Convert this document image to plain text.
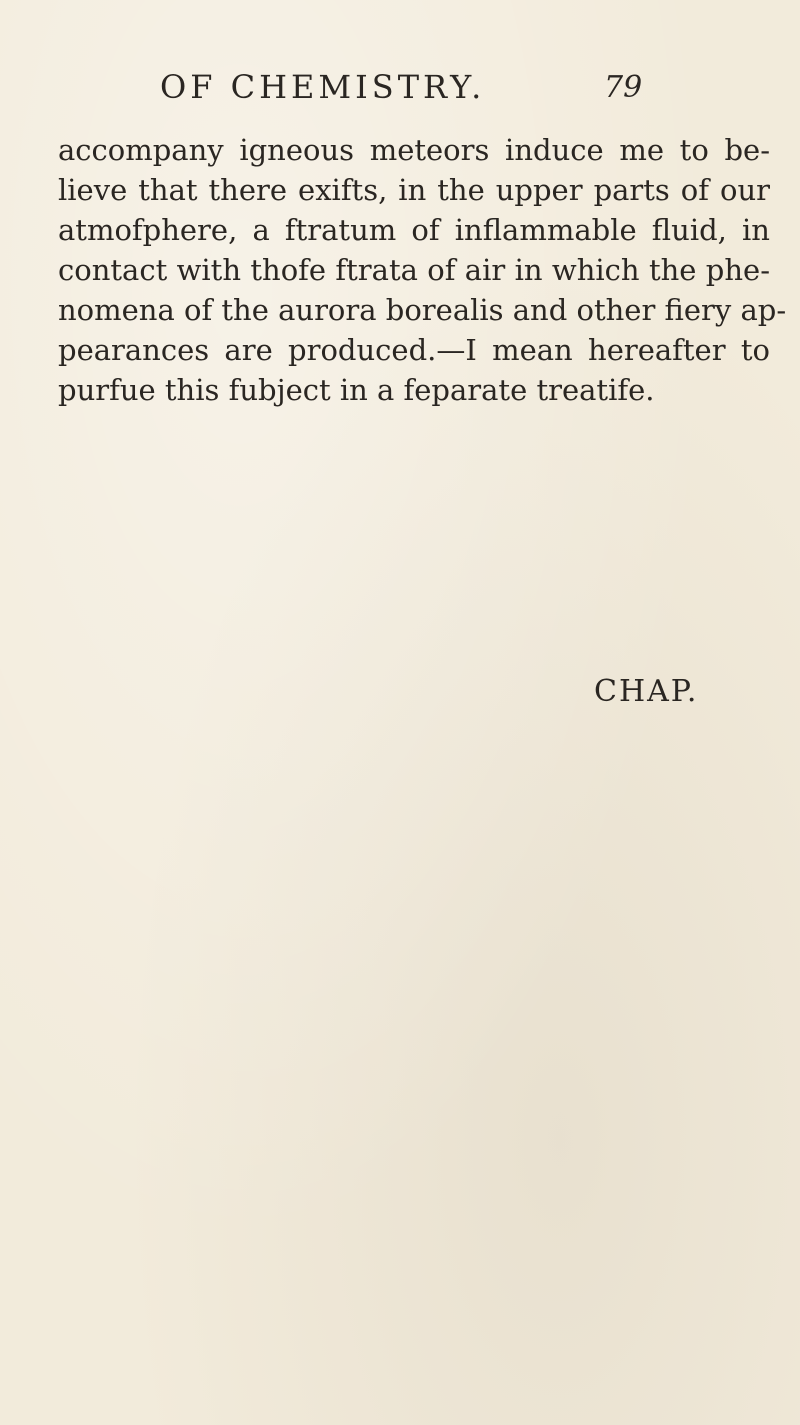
OF CHEMISTRY.	79
accompany igneous meteors induce me to be-
lieve that there exifts, in the upper parts of our
atmofphere, a ftratum of inflammable fluid, in
contact with thofe ftrata of air in which the phe-
nomena of the aurora borealis and other fiery ap-
pearances are produced.—I mean hereafter to
purfue this fubject in a feparate treatife.
CHAP.
